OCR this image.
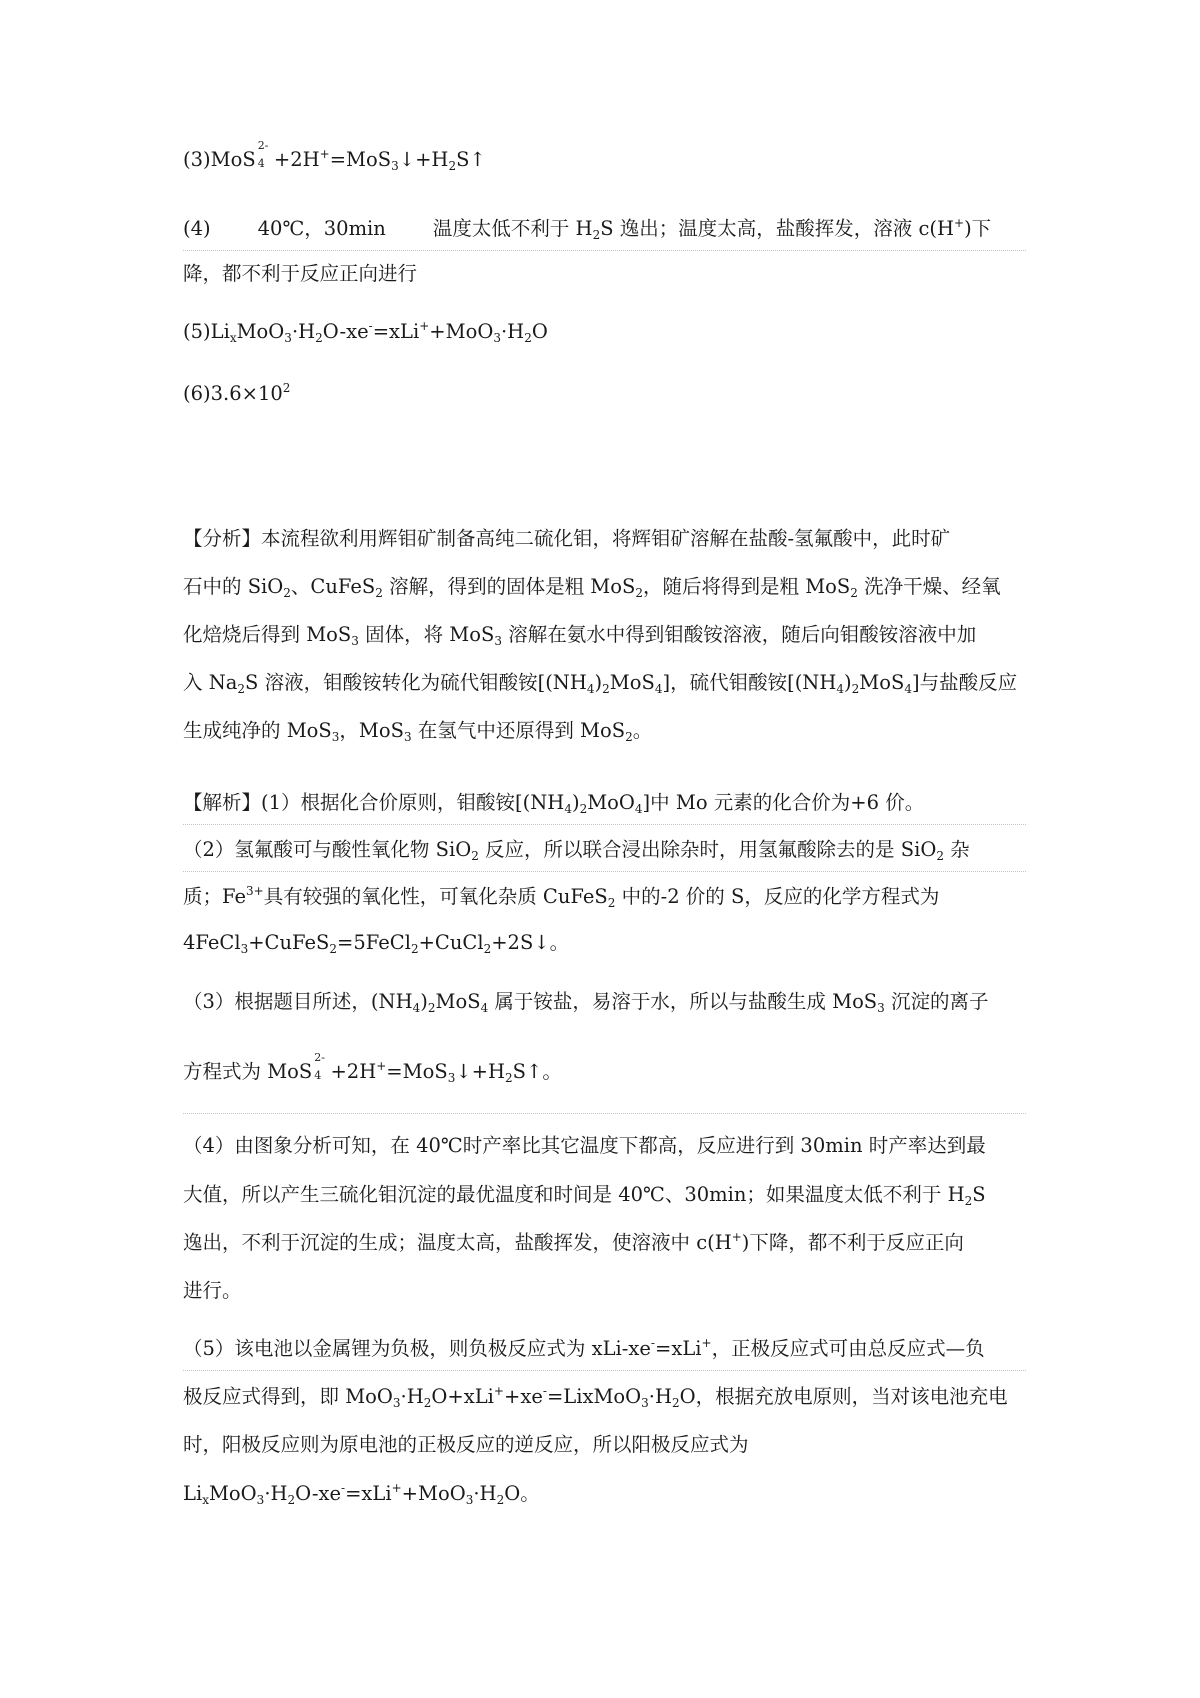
(3)MoS
2-
$4 +2H^+=MoS_3↓+H_2S↑$
(4) 40℃，30min 温度太低不利于 $H_2S$ 逸出；温度太高，盐酸挥发，溶液 c(H+)下
降，都不利于反应正向进行
$(5)Li_xMoO_3\cdot H_2O-xe^-=xLi^++MoO_3\cdot H_2O$
$(6)3.6\times 10^2$
【分析】本流程欲利用辉钼矿制备高纯二硫化钼，将辉钼矿溶解在盐酸-氢氟酸中，此时矿
石中的 SiO$_2$、CuFeS$_2$ 溶解，得到的固体是粗 MoS$_2$，随后将得到是粗 MoS$_2$ 洗净干燥、经氧
化焙烧后得到 MoS$_3$ 固体，将 MoS$_3$ 溶解在氨水中得到钼酸铵溶液，随后向钼酸铵溶液中加
入 $Na_2S$ 溶液，钼酸铵转化为硫代钼酸铵$[(NH_4)_2MoS_4]$，硫代钼酸铵$[(NH_4)_2MoS_4]$与盐酸反应
生成纯净的 MoS$_3$，MoS$_3$ 在氢气中还原得到 MoS$_2$。
【解析】(1）根据化合价原则，钼酸铵$[(NH_4)_2MoO_4]$中 Mo 元素的化合价为+6 价。
（2）氢氟酸可与酸性氧化物 SiO$_2$ 反应，所以联合浸出除杂时，用氢氟酸除去的是 SiO$_2$ 杂
质；$Fe^{3+}$具有较强的氧化性，可氧化杂质 CuFeS$_2$ 中的-2 价的 S，反应的化学方程式为
4FeCl$_3$+CuFeS$_2$=5FeCl$_2$+CuCl$_2$+2S↓。
（3）根据题目所述，$(NH_4)_2MoS_4$ 属于铵盐，易溶于水，所以与盐酸生成 MoS$_3$ 沉淀的离子
方程式为 MoS
2-
$4 +2H^+=MoS_3↓+H_2S↑$。
（4）由图象分析可知，在 40℃时产率比其它温度下都高，反应进行到 30min 时产率达到最
大值，所以产生三硫化钼沉淀的最优温度和时间是 40℃、30min；如果温度太低不利于 $H_2S$
逸出，不利于沉淀的生成；温度太高，盐酸挥发，使溶液中 c(H+)下降，都不利于反应正向
进行。
（5）该电池以金属锂为负极，则负极反应式为 xLi-xe-=xLi+，正极反应式可由总反应式—负
极反应式得到，即 $MoO_3\cdot H_2O+xLi^++xe^-=LixMoO_3\cdot H_2O$，根据充放电原则，当对该电池充电
时，阳极反应则为原电池的正极反应的逆反应，所以阳极反应式为
$Li_xMoO_3\cdot H_2O-xe^-=xLi^++MoO_3\cdot H_2O$。
